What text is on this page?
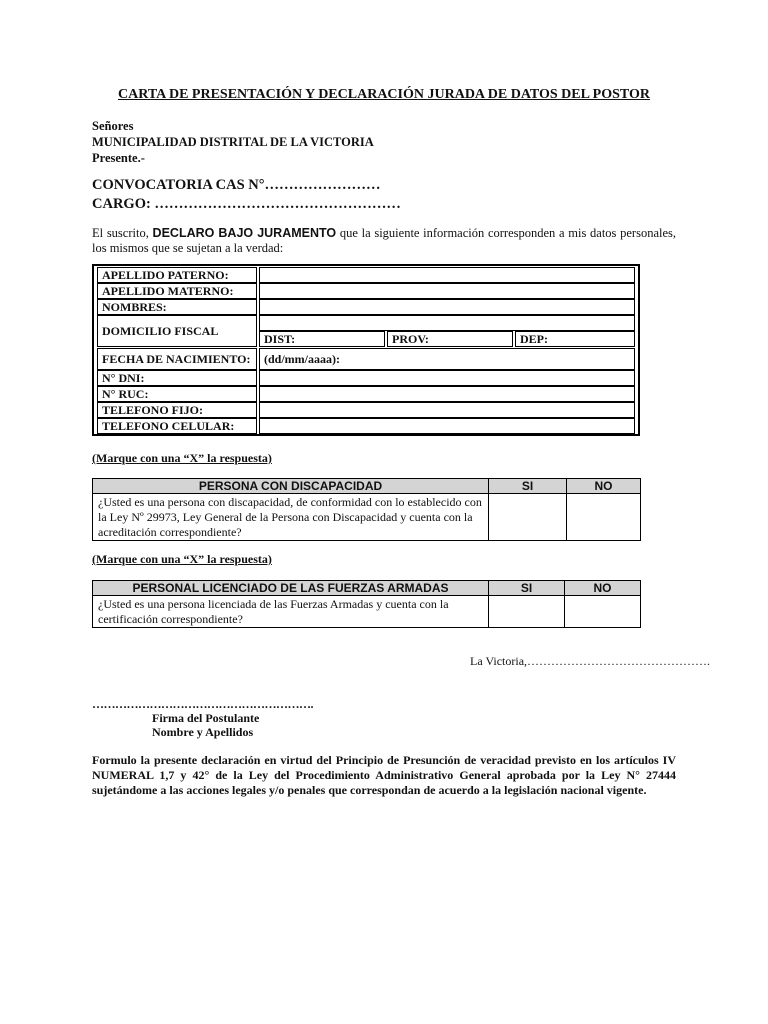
CARTA DE PRESENTACIÓN Y DECLARACIÓN JURADA DE DATOS DEL POSTOR
Señores
MUNICIPALIDAD DISTRITAL DE LA VICTORIA
Presente.-
CONVOCATORIA CAS N°……………………
CARGO: ……………………………………………
El suscrito, DECLARO BAJO JURAMENTO que la siguiente información corresponden a mis datos personales, los mismos que se sujetan a la verdad:
APELLIDO PATERNO:
APELLIDO MATERNO:
NOMBRES:
DOMICILIO FISCAL
DIST:	PROV:	DEP:
FECHA DE NACIMIENTO:	(dd/mm/aaaa):
N° DNI:
N° RUC:
TELEFONO FIJO:
TELEFONO CELULAR:
(Marque con una “X” la respuesta)
PERSONA CON DISCAPACIDAD	SI	NO
¿Usted es una persona con discapacidad, de conformidad con lo establecido con la Ley Nº 29973, Ley General de la Persona con Discapacidad y cuenta con la acreditación correspondiente?		
(Marque con una “X” la respuesta)
PERSONAL LICENCIADO DE LAS FUERZAS ARMADAS	SI	NO
¿Usted es una persona licenciada de las Fuerzas Armadas y cuenta con la certificación correspondiente?		
La Victoria,……………………………………….
………………………………………………….
Firma del Postulante
Nombre y Apellidos
Formulo la presente declaración en virtud del Principio de Presunción de veracidad previsto en los artículos IV NUMERAL 1,7 y 42° de la Ley del Procedimiento Administrativo General aprobada por la Ley N° 27444 sujetándome a las acciones legales y/o penales que correspondan de acuerdo a la legislación nacional vigente.
